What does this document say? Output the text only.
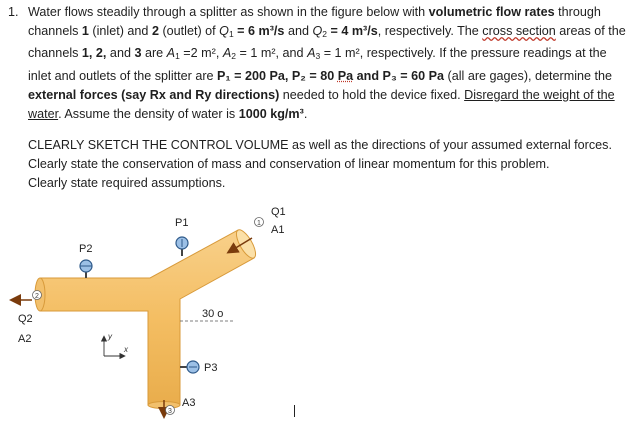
1. Water flows steadily through a splitter as shown in the figure below with volumetric flow rates through channels 1 (inlet) and 2 (outlet) of $Q_1 = 6$ m³/s and $Q_2 = 4$ m³/s, respectively. The cross section areas of the channels 1, 2, and 3 are $A_1 =2$ m², $A_2 = 1$ m², and $A_3 = 1$ m², respectively. If the pressure readings at the inlet and outlets of the splitter are P₁ = 200 Pa, P₂ = 80 Pa and P₃ = 60 Pa (all are gages), determine the external forces (say Rx and Ry directions) needed to hold the device fixed. Disregard the weight of the water. Assume the density of water is 1000 kg/m³.
CLEARLY SKETCH THE CONTROL VOLUME as well as the directions of your assumed external forces.
Clearly state the conservation of mass and conservation of linear momentum for this problem.
Clearly state required assumptions.
30 o
P1
P2
P3
1
2
3
Q1
A1
Q2
A2
A3
y
x
